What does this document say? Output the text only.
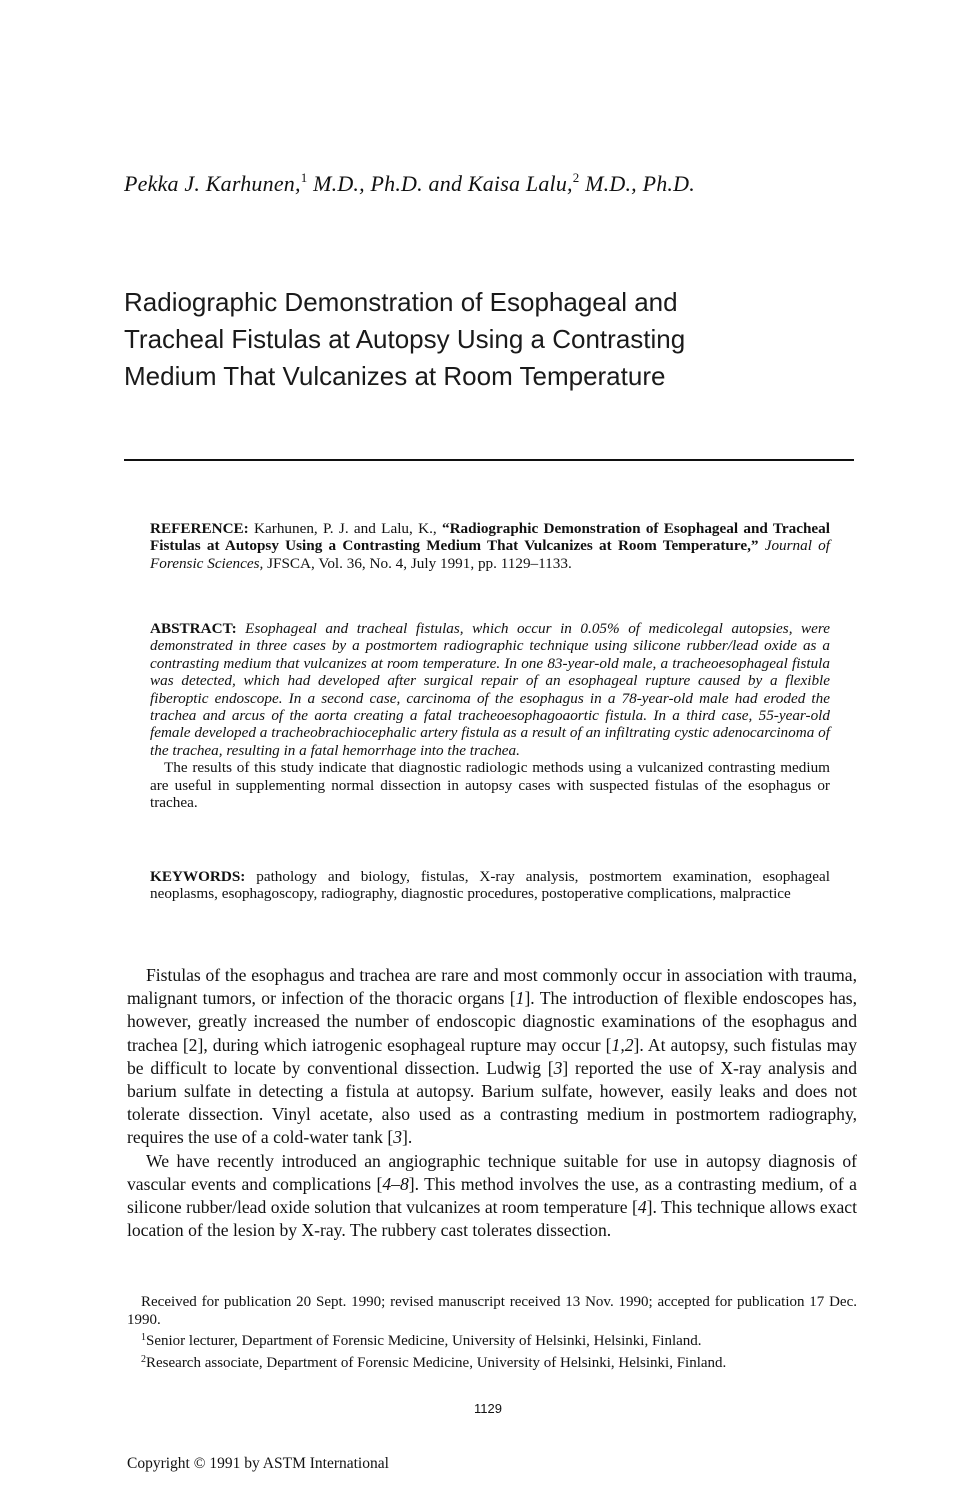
Pekka J. Karhunen,$^1$ M.D., Ph.D. and Kaisa Lalu,$^2$ M.D., Ph.D.
Radiographic Demonstration of Esophageal and
Tracheal Fistulas at Autopsy Using a Contrasting
Medium That Vulcanizes at Room Temperature
REFERENCE: Karhunen, P. J. and Lalu, K., “Radiographic Demonstration of Esophageal and Tracheal Fistulas at Autopsy Using a Contrasting Medium That Vulcanizes at Room Temperature,” Journal of Forensic Sciences, JFSCA, Vol. 36, No. 4, July 1991, pp. 1129–1133.

ABSTRACT: Esophageal and tracheal fistulas, which occur in 0.05% of medicolegal autopsies, were demonstrated in three cases by a postmortem radiographic technique using silicone rubber/lead oxide as a contrasting medium that vulcanizes at room temperature. In one 83-year-old male, a tracheoesophageal fistula was detected, which had developed after surgical repair of an esophageal rupture caused by a flexible fiberoptic endoscope. In a second case, carcinoma of the esophagus in a 78-year-old male had eroded the trachea and arcus of the aorta creating a fatal tracheoesophagoaortic fistula. In a third case, 55-year-old female developed a tracheobrachiocephalic artery fistula as a result of an infiltrating cystic adenocarcinoma of the trachea, resulting in a fatal hemorrhage into the trachea.

The results of this study indicate that diagnostic radiologic methods using a vulcanized contrasting medium are useful in supplementing normal dissection in autopsy cases with suspected fistulas of the esophagus or trachea.

KEYWORDS: pathology and biology, fistulas, X-ray analysis, postmortem examination, esophageal neoplasms, esophagoscopy, radiography, diagnostic procedures, postoperative complications, malpractice

Fistulas of the esophagus and trachea are rare and most commonly occur in association with trauma, malignant tumors, or infection of the thoracic organs [1]. The introduction of flexible endoscopes has, however, greatly increased the number of endoscopic diagnostic examinations of the esophagus and trachea [2], during which iatrogenic esophageal rupture may occur [1,2]. At autopsy, such fistulas may be difficult to locate by conventional dissection. Ludwig [3] reported the use of X-ray analysis and barium sulfate in detecting a fistula at autopsy. Barium sulfate, however, easily leaks and does not tolerate dissection. Vinyl acetate, also used as a contrasting medium in postmortem radiography, requires the use of a cold-water tank [3].

We have recently introduced an angiographic technique suitable for use in autopsy diagnosis of vascular events and complications [4–8]. This method involves the use, as a contrasting medium, of a silicone rubber/lead oxide solution that vulcanizes at room temperature [4]. This technique allows exact location of the lesion by X-ray. The rubbery cast tolerates dissection.

Received for publication 20 Sept. 1990; revised manuscript received 13 Nov. 1990; accepted for publication 17 Dec. 1990.

$^1$Senior lecturer, Department of Forensic Medicine, University of Helsinki, Helsinki, Finland.

$^2$Research associate, Department of Forensic Medicine, University of Helsinki, Helsinki, Finland.

1129
Copyright © 1991 by ASTM International
